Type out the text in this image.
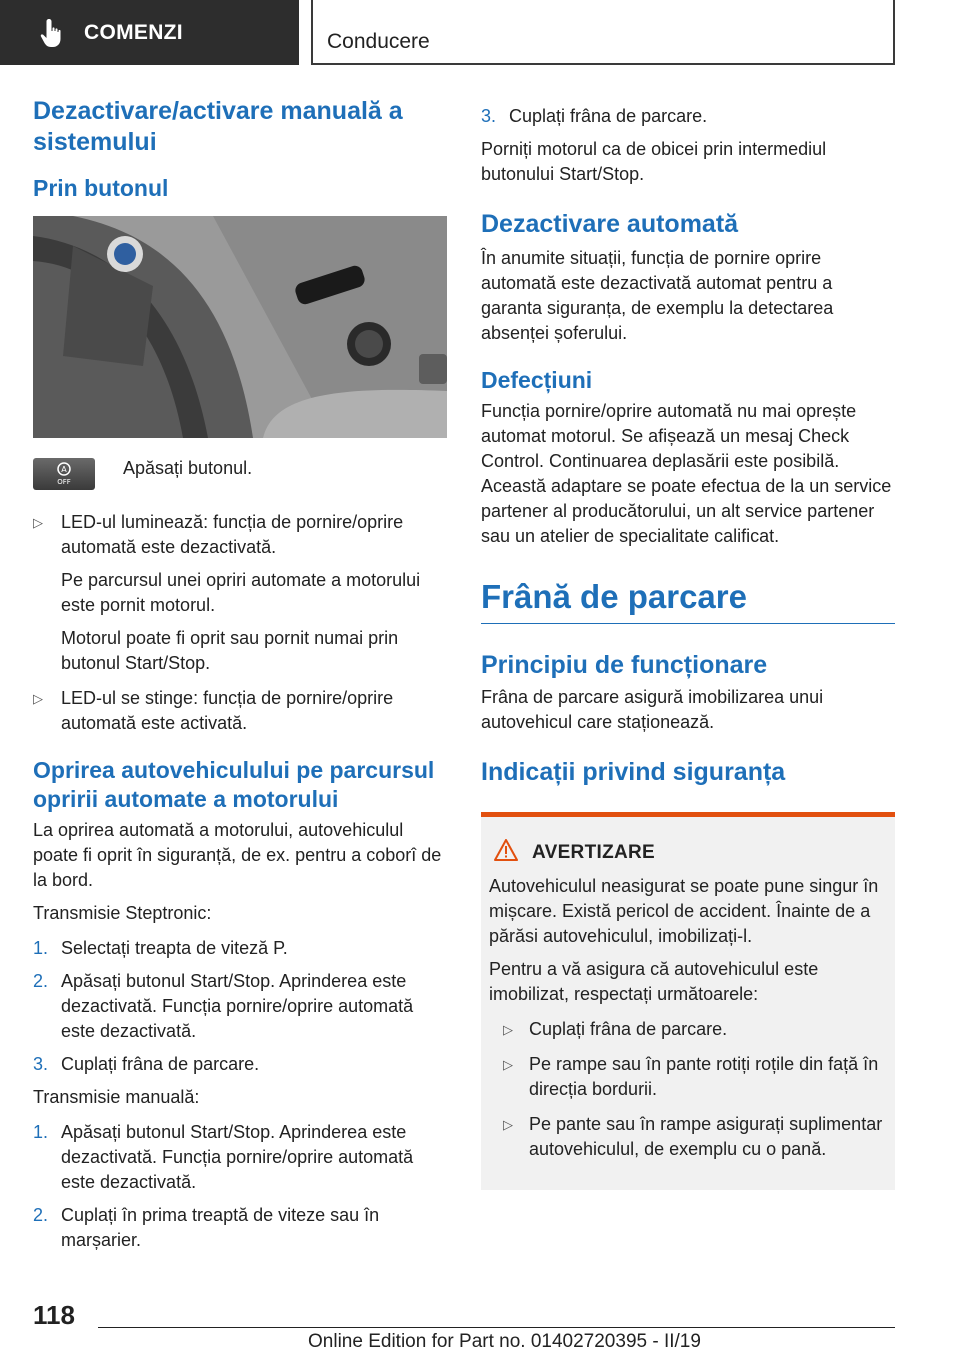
COMENZI	Conducere
Dezactivare/activare manuală a sistemului
Prin butonul
A
OFF
Apăsați butonul.
▷ LED-ul luminează: funcția de pornire/oprire automată este dezactivată.

Pe parcursul unei opriri automate a motorului este pornit motorul.

Motorul poate fi oprit sau pornit numai prin butonul Start/Stop.

▷ LED-ul se stinge: funcția de pornire/oprire automată este activată.

Oprirea autovehiculului pe parcursul opririi automate a motorului

La oprirea automată a motorului, autovehiculul poate fi oprit în siguranță, de ex. pentru a coborî de la bord.

Transmisie Steptronic:

1. Selectați treapta de viteză P.
2. Apăsați butonul Start/Stop. Aprinderea este dezactivată. Funcția pornire/oprire automată este dezactivată.
3. Cuplați frâna de parcare.

Transmisie manuală:

1. Apăsați butonul Start/Stop. Aprinderea este dezactivată. Funcția pornire/oprire automată este dezactivată.
2. Cuplați în prima treaptă de viteze sau în marșarier.
3. Cuplați frâna de parcare.

Porniți motorul ca de obicei prin intermediul butonului Start/Stop.

Dezactivare automată

În anumite situații, funcția de pornire oprire automată este dezactivată automat pentru a garanta siguranța, de exemplu la detectarea absenței șoferului.

Defecțiuni

Funcția pornire/oprire automată nu mai oprește automat motorul. Se afișează un mesaj Check Control. Continuarea deplasării este posibilă. Această adaptare se poate efectua de la un service partener al producătorului, un alt service partener sau un atelier de specialitate calificat.

Frână de parcare
Principiu de funcționare

Frâna de parcare asigură imobilizarea unui autovehicul care staționează.

Indicații privind siguranța
AVERTIZARE

Autovehiculul neasigurat se poate pune singur în mișcare. Există pericol de accident. Înainte de a părăsi autovehiculul, imobilizați-l.

Pentru a vă asigura că autovehiculul este imobilizat, respectați următoarele:

▷ Cuplați frâna de parcare.
▷ Pe rampe sau în pante rotiți roțile din față în direcția bordurii.
▷ Pe pante sau în rampe asigurați suplimentar autovehiculul, de exemplu cu o pană.
118
Online Edition for Part no. 01402720395 - II/19
